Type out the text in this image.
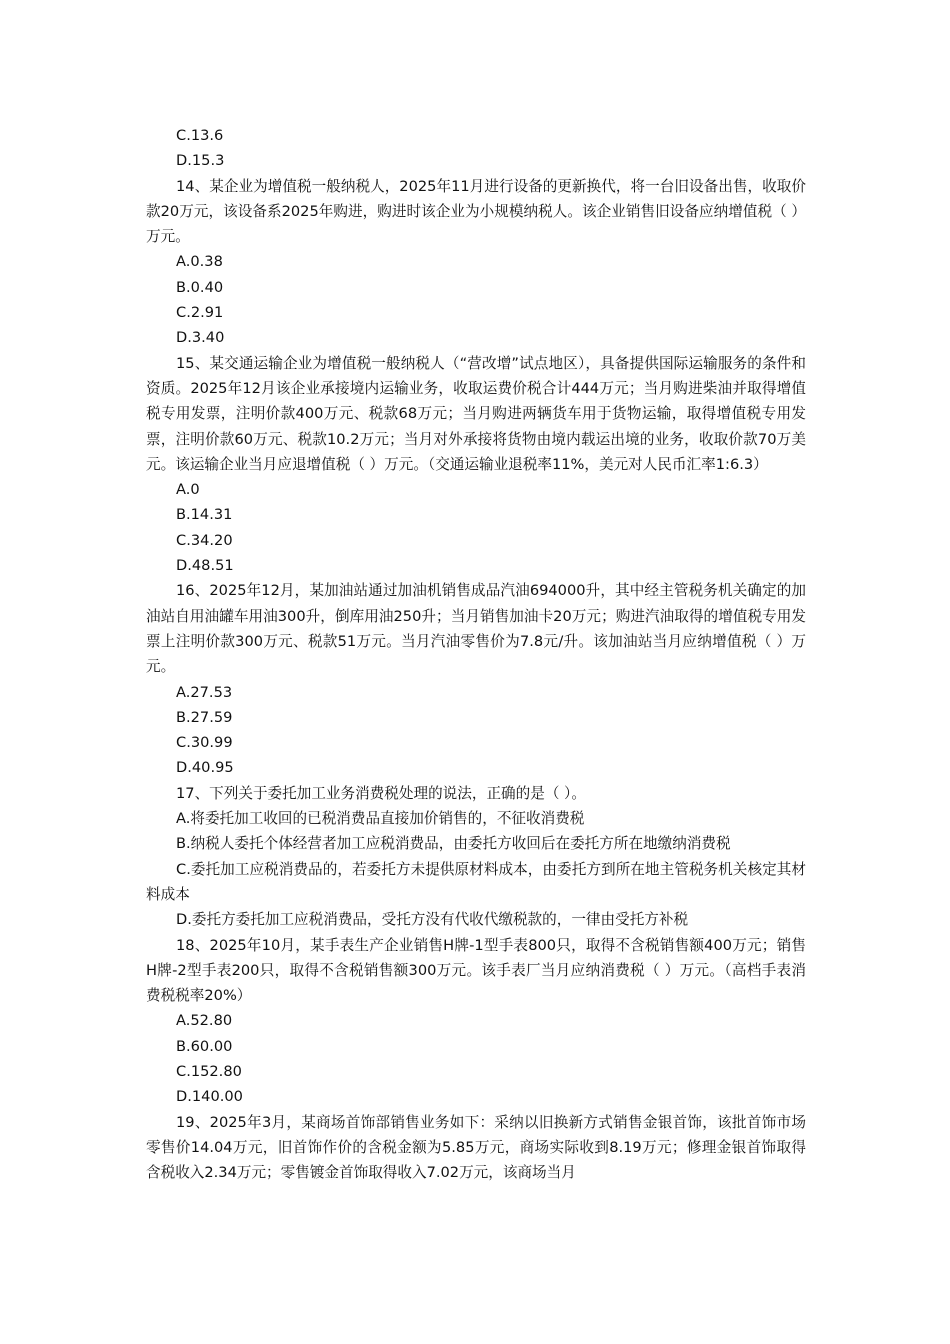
C.13.6
D.15.3
14、某企业为增值税一般纳税人，2025年11月进行设备的更新换代，将一台旧设备出售，收取价款20万元，该设备系2025年购进，购进时该企业为小规模纳税人。该企业销售旧设备应纳增值税（ ）万元。
A.0.38
B.0.40
C.2.91
D.3.40
15、某交通运输企业为增值税一般纳税人（“营改增”试点地区），具备提供国际运输服务的条件和资质。2025年12月该企业承接境内运输业务，收取运费价税合计444万元；当月购进柴油并取得增值税专用发票，注明价款400万元、税款68万元；当月购进两辆货车用于货物运输，取得增值税专用发票，注明价款60万元、税款10.2万元；当月对外承接将货物由境内载运出境的业务，收取价款70万美元。该运输企业当月应退增值税（ ）万元。（交通运输业退税率11%，美元对人民币汇率1:6.3）
A.0
B.14.31
C.34.20
D.48.51
16、2025年12月，某加油站通过加油机销售成品汽油694000升，其中经主管税务机关确定的加油站自用油罐车用油300升，倒库用油250升；当月销售加油卡20万元；购进汽油取得的增值税专用发票上注明价款300万元、税款51万元。当月汽油零售价为7.8元/升。该加油站当月应纳增值税（ ）万元。
A.27.53
B.27.59
C.30.99
D.40.95
17、下列关于委托加工业务消费税处理的说法，正确的是（ ）。
A.将委托加工收回的已税消费品直接加价销售的，不征收消费税
B.纳税人委托个体经营者加工应税消费品，由委托方收回后在委托方所在地缴纳消费税
C.委托加工应税消费品的，若委托方未提供原材料成本，由委托方到所在地主管税务机关核定其材料成本
D.委托方委托加工应税消费品，受托方没有代收代缴税款的，一律由受托方补税
18、2025年10月，某手表生产企业销售H牌-1型手表800只，取得不含税销售额400万元；销售H牌-2型手表200只，取得不含税销售额300万元。该手表厂当月应纳消费税（ ）万元。（高档手表消费税税率20%）
A.52.80
B.60.00
C.152.80
D.140.00
19、2025年3月，某商场首饰部销售业务如下：采纳以旧换新方式销售金银首饰，该批首饰市场零售价14.04万元，旧首饰作价的含税金额为5.85万元，商场实际收到8.19万元；修理金银首饰取得含税收入2.34万元；零售镀金首饰取得收入7.02万元，该商场当月
